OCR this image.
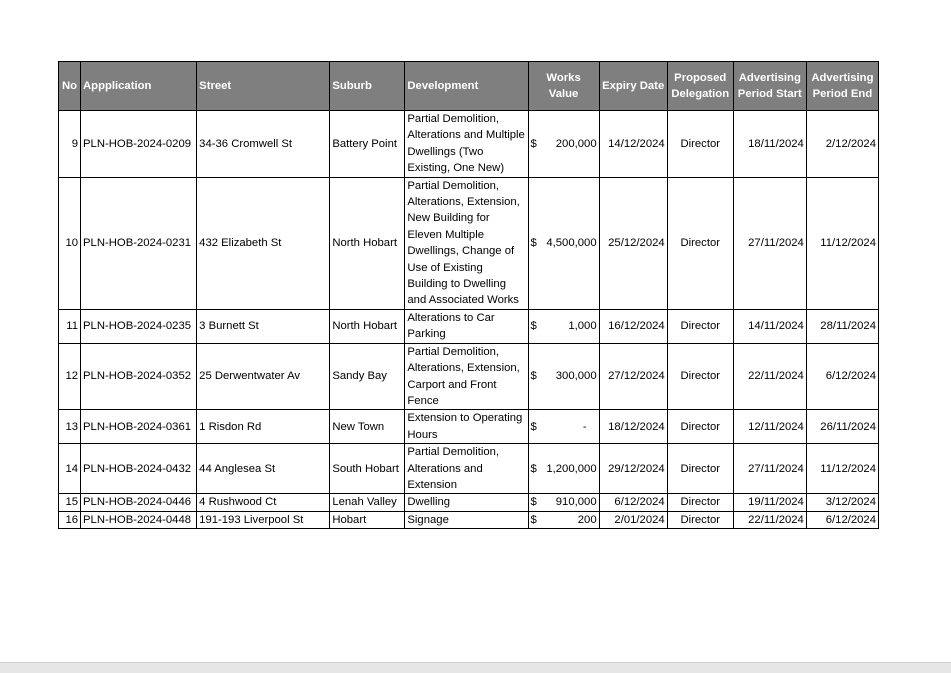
No	Appplication	Street	Suburb	Development	Works Value	Expiry Date	Proposed Delegation	Advertising Period Start	Advertising Period End
9	PLN-HOB-2024-0209	34-36 Cromwell St	Battery Point	Partial Demolition, Alterations and Multiple Dwellings (Two Existing, One New)	$ 200,000	14/12/2024	Director	18/11/2024	2/12/2024
10	PLN-HOB-2024-0231	432 Elizabeth St	North Hobart	Partial Demolition, Alterations, Extension, New Building for Eleven Multiple Dwellings, Change of Use of Existing Building to Dwelling and Associated Works	$ 4,500,000	25/12/2024	Director	27/11/2024	11/12/2024
11	PLN-HOB-2024-0235	3 Burnett St	North Hobart	Alterations to Car Parking	$ 1,000	16/12/2024	Director	14/11/2024	28/11/2024
12	PLN-HOB-2024-0352	25 Derwentwater Av	Sandy Bay	Partial Demolition, Alterations, Extension, Carport and Front Fence	$ 300,000	27/12/2024	Director	22/11/2024	6/12/2024
13	PLN-HOB-2024-0361	1 Risdon Rd	New Town	Extension to Operating Hours	$ -	18/12/2024	Director	12/11/2024	26/11/2024
14	PLN-HOB-2024-0432	44 Anglesea St	South Hobart	Partial Demolition, Alterations and Extension	$ 1,200,000	29/12/2024	Director	27/11/2024	11/12/2024
15	PLN-HOB-2024-0446	4 Rushwood Ct	Lenah Valley	Dwelling	$ 910,000	6/12/2024	Director	19/11/2024	3/12/2024
16	PLN-HOB-2024-0448	191-193 Liverpool St	Hobart	Signage	$ 200	2/01/2024	Director	22/11/2024	6/12/2024
